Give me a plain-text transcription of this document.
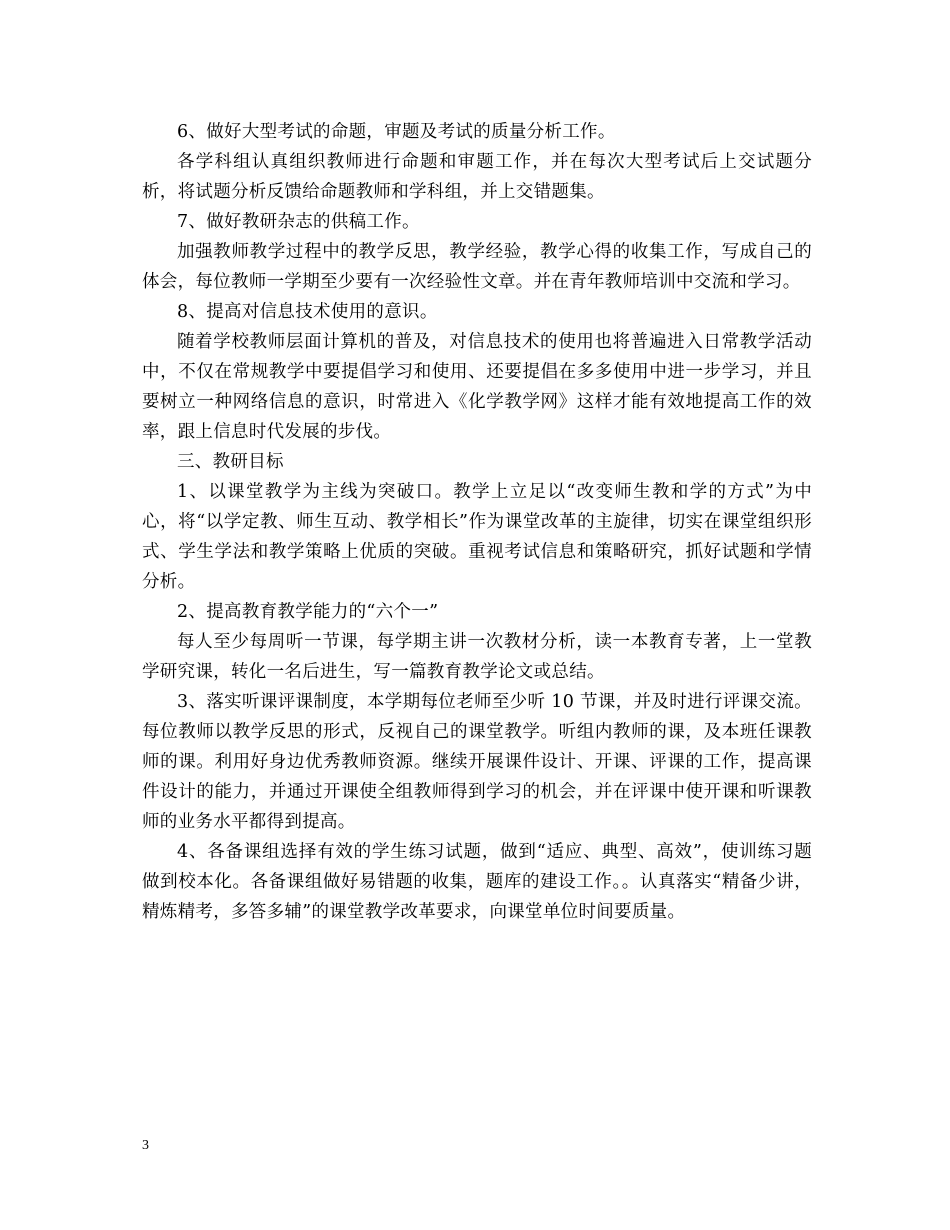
6、做好大型考试的命题，审题及考试的质量分析工作。

各学科组认真组织教师进行命题和审题工作，并在每次大型考试后上交试题分析，将试题分析反馈给命题教师和学科组，并上交错题集。

7、做好教研杂志的供稿工作。

加强教师教学过程中的教学反思，教学经验，教学心得的收集工作，写成自己的体会，每位教师一学期至少要有一次经验性文章。并在青年教师培训中交流和学习。

8、提高对信息技术使用的意识。

随着学校教师层面计算机的普及，对信息技术的使用也将普遍进入日常教学活动中，不仅在常规教学中要提倡学习和使用、还要提倡在多多使用中进一步学习，并且要树立一种网络信息的意识，时常进入《化学教学网》这样才能有效地提高工作的效率，跟上信息时代发展的步伐。

三、教研目标

1、以课堂教学为主线为突破口。教学上立足以“改变师生教和学的方式”为中心，将“以学定教、师生互动、教学相长”作为课堂改革的主旋律，切实在课堂组织形式、学生学法和教学策略上优质的突破。重视考试信息和策略研究，抓好试题和学情分析。

2、提高教育教学能力的“六个一”

每人至少每周听一节课，每学期主讲一次教材分析，读一本教育专著，上一堂教学研究课，转化一名后进生，写一篇教育教学论文或总结。

3、落实听课评课制度，本学期每位老师至少听 10 节课，并及时进行评课交流。每位教师以教学反思的形式，反视自己的课堂教学。听组内教师的课，及本班任课教师的课。利用好身边优秀教师资源。继续开展课件设计、开课、评课的工作，提高课件设计的能力，并通过开课使全组教师得到学习的机会，并在评课中使开课和听课教师的业务水平都得到提高。

4、各备课组选择有效的学生练习试题，做到“适应、典型、高效”，使训练习题做到校本化。各备课组做好易错题的收集，题库的建设工作。。认真落实“精备少讲，精炼精考，多答多辅”的课堂教学改革要求，向课堂单位时间要质量。

3
